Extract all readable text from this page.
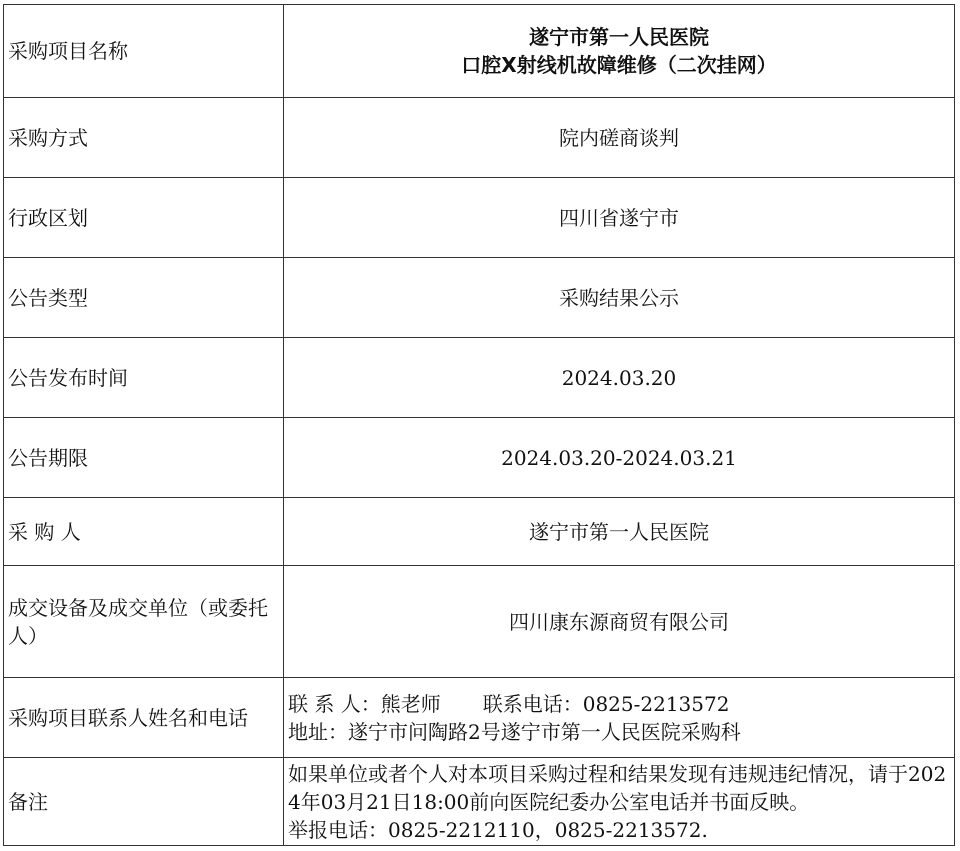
采购项目名称	遂宁市第一人民医院
口腔X射线机故障维修（二次挂网）

采购方式	院内磋商谈判
行政区划	四川省遂宁市
公告类型	采购结果公示
公告发布时间	2024.03.20
公告期限	2024.03.20-2024.03.21
采 购 人	遂宁市第一人民医院
成交设备及成交单位（或委托人）	四川康东源商贸有限公司
采购项目联系人姓名和电话	联 系 人：熊老师 联系电话：0825-2213572
地址：遂宁市问陶路2号遂宁市第一人民医院采购科

备注	如果单位或者个人对本项目采购过程和结果发现有违规违纪情况，请于2024年03月21日18:00前向医院纪委办公室电话并书面反映。
举报电话：0825-2212110，0825-2213572.
